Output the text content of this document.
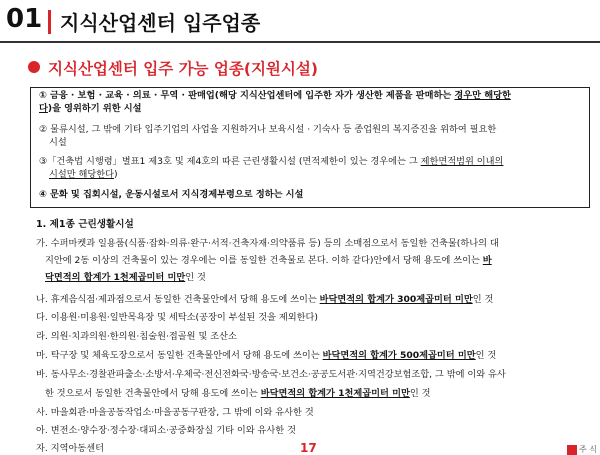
01 지식산업센터 입주업종
지식산업센터 입주 가능 업종(지원시설)
① 금융 · 보험 · 교육 · 의료 · 무역 · 판매업(해당 지식산업센터에 입주한 자가 생산한 제품을 판매하는 경우만 해당한
다)을 영위하기 위한 시설
② 물류시설, 그 밖에 기타 입주기업의 사업을 지원하거나 보육시설 · 기숙사 등 종업원의 복지증진을 위하여 필요한
시설
③「건축법 시행령」별표1 제3호 및 제4호의 따른 근린생활시설 (면적제한이 있는 경우에는 그 제한면적범위 이내의
시설만 해당한다)
④ 문화 및 집회시설, 운동시설로서 지식경제부령으로 정하는 시설
1. 제1종 근린생활시설
가. 수퍼마켓과 일용품(식품·잡화·의류·완구·서적·건축자재·의약품류 등) 등의 소매점으로서 동일한 건축물(하나의 대
지안에 2동 이상의 건축물이 있는 경우에는 이를 동일한 건축물로 본다. 이하 같다)안에서 당해 용도에 쓰이는 바
닥면적의 합계가 1천제곱미터 미만인 것
나. 휴게음식점·제과점으로서 동일한 건축물안에서 당해 용도에 쓰이는 바닥면적의 합계가 300제곱미터 미만인 것
다. 이용원·미용원·일반목욕장 및 세탁소(공장이 부설된 것을 제외한다)
라. 의원·치과의원·한의원·침술원·접골원 및 조산소
마. 탁구장 및 체육도장으로서 동일한 건축물안에서 당해 용도에 쓰이는 바닥면적의 합계가 500제곱미터 미만인 것
바. 동사무소·경찰관파출소·소방서·우체국·전신전화국·방송국·보건소·공공도서관·지역건강보험조합, 그 밖에 이와 유사
한 것으로서 동일한 건축물안에서 당해 용도에 쓰이는 바닥면적의 합계가 1천제곱미터 미만인 것
사. 마을회관·마을공동작업소·마을공동구판장, 그 밖에 이와 유사한 것
아. 변전소·양수장·정수장·대피소·공중화장실 기타 이와 유사한 것
자. 지역아동센터	17	주 식
